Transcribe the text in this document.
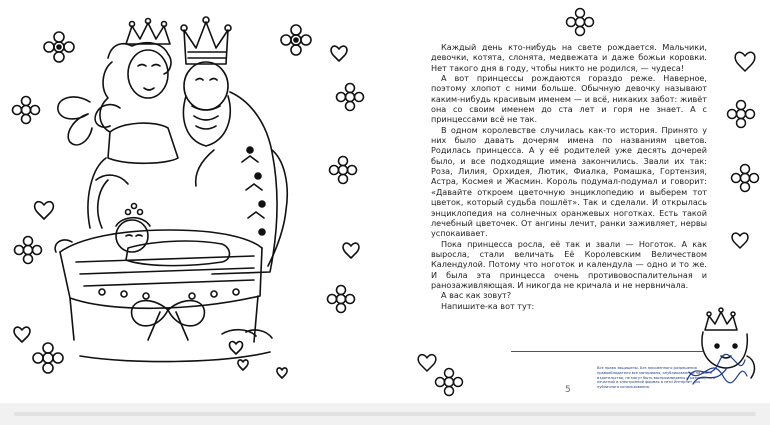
Каждый день кто-нибудь на свете рождается. Мальчики, девочки, котята, слонята, медвежата и даже божьи коровки. Нет такого дня в году, чтобы никто не родился, — чудеса!

А вот принцессы рождаются гораздо реже. Наверное, поэтому хлопот с ними больше. Обычную девочку называют каким-нибудь красивым именем — и всё, никаких забот: живёт она со своим именем до ста лет и горя не знает. А с принцессами всё не так.

В одном королевстве случилась как-то история. Принято у них было давать дочерям имена по названиям цветов. Родилась принцесса. А у её родителей уже десять дочерей было, и все подходящие имена закончились. Звали их так: Роза, Лилия, Орхидея, Лютик, Фиалка, Ромашка, Гортензия, Астра, Космея и Жасмин. Король подумал-подумал и говорит: «Давайте откроем цветочную энциклопедию и выберем тот цветок, который судьба пошлёт». Так и сделали. И открылась энциклопедия на солнечных оранжевых ноготках. Есть такой лечебный цветочек. От ангины лечит, ранки заживляет, нервы успокаивает.

Пока принцесса росла, её так и звали — Ноготок. А как выросла, стали величать Её Королевским Величеством Календулой. Потому что ноготок и календула — одно и то же. И была эта принцесса очень противовоспалительная и ранозаживляющая. И никогда не кричала и не нервничала.

А вас как зовут?

Напишите-ка вот тут:

5
Все права защищены. Без письменного разрешения правообладателя все материалы, опубликованные на сайте издательства, не могут быть воспроизведены и размещены в печатной и электронной формах в сети Интернет для публичного использования.
